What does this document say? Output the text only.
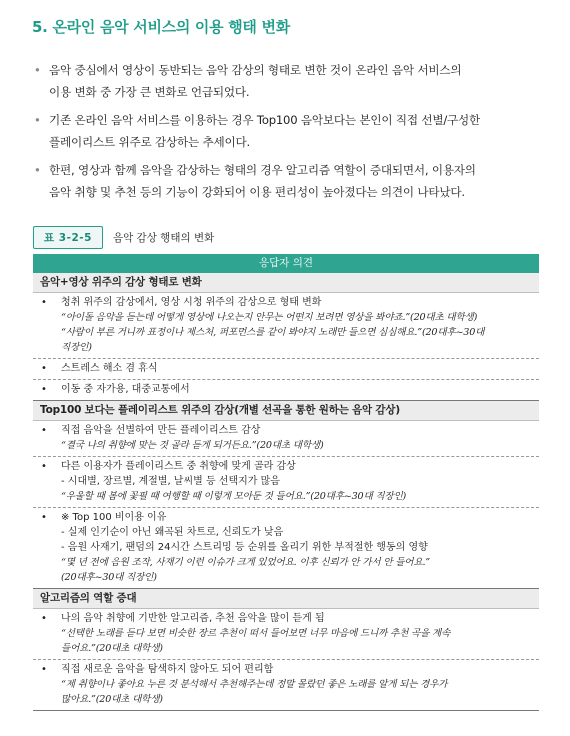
5. 온라인 음악 서비스의 이용 행태 변화
• 음악 중심에서 영상이 동반되는 음악 감상의 형태로 변한 것이 온라인 음악 서비스의
이용 변화 중 가장 큰 변화로 언급되었다.
• 기존 온라인 음악 서비스를 이용하는 경우 Top100 음악보다는 본인이 직접 선별/구성한
플레이리스트 위주로 감상하는 추세이다.
• 한편, 영상과 함께 음악을 감상하는 형태의 경우 알고리즘 역할이 증대되면서, 이용자의
음악 취향 및 추천 등의 기능이 강화되어 이용 편리성이 높아졌다는 의견이 나타났다.
표 3-2-5	음악 감상 행태의 변화
응답자 의견
음악+영상 위주의 감상 형태로 변화
• 청취 위주의 감상에서, 영상 시청 위주의 감상으로 형태 변화
“아이돌 음악을 듣는데 어떻게 영상에 나오는지 안무는 어떤지 보려면 영상을 봐야죠.”(20대초 대학생)
“사람이 부른 거니까 표정이나 제스처, 퍼포먼스를 같이 봐야지 노래만 들으면 심심해요.”(20대후~30대
직장인)
• 스트레스 해소 겸 휴식
• 이동 중 자가용, 대중교통에서
Top100 보다는 플레이리스트 위주의 감상(개별 선곡을 통한 원하는 음악 감상)
• 직접 음악을 선별하여 만든 플레이리스트 감상
“결국 나의 취향에 맞는 것 골라 듣게 되거든요.”(20대초 대학생)
• 다른 이용자가 플레이리스트 중 취향에 맞게 골라 감상
- 시대별, 장르별, 계절별, 날씨별 등 선택지가 많음
“우울할 때 봄에 꽃필 때 여행할 때 이렇게 모아둔 것 들어요.”(20대후~30대 직장인)
• ※ Top 100 비이용 이유
- 실제 인기순이 아닌 왜곡된 차트로, 신뢰도가 낮음
- 음원 사재기, 팬덤의 24시간 스트리밍 등 순위를 올리기 위한 부적절한 행동의 영향
“몇 년 전에 음원 조작, 사재기 이런 이슈가 크게 있었어요. 이후 신뢰가 안 가서 안 들어요.”
(20대후~30대 직장인)
알고리즘의 역할 증대
• 나의 음악 취향에 기반한 알고리즘, 추천 음악을 많이 듣게 됨
“선택한 노래를 듣다 보면 비슷한 장르 추천이 떠서 들어보면 너무 마음에 드니까 추천 곡을 계속
들어요.”(20대초 대학생)
• 직접 새로운 음악을 탐색하지 않아도 되어 편리함
“제 취향이나 좋아요 누른 것 분석해서 추천해주는데 정말 몰랐던 좋은 노래를 알게 되는 경우가
많아요.”(20대초 대학생)
